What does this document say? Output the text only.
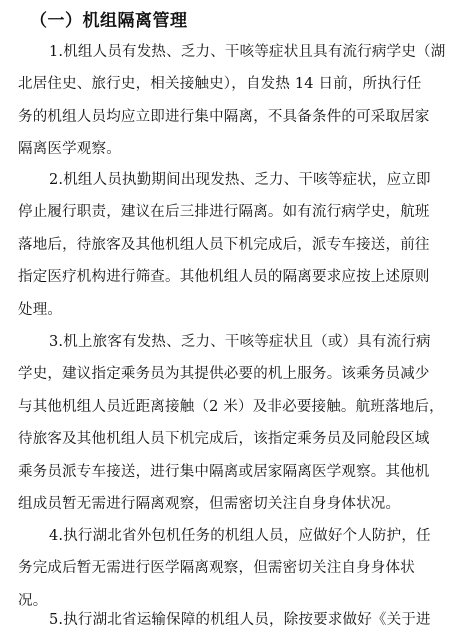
（一）机组隔离管理
1.机组人员有发热、乏力、干咳等症状且具有流行病学史（湖
北居住史、旅行史，相关接触史），自发热 14 日前，所执行任
务的机组人员均应立即进行集中隔离，不具备条件的可采取居家
隔离医学观察。
2.机组人员执勤期间出现发热、乏力、干咳等症状，应立即
停止履行职责，建议在后三排进行隔离。如有流行病学史，航班
落地后，待旅客及其他机组人员下机完成后，派专车接送，前往
指定医疗机构进行筛查。其他机组人员的隔离要求应按上述原则
处理。
3.机上旅客有发热、乏力、干咳等症状且（或）具有流行病
学史，建议指定乘务员为其提供必要的机上服务。该乘务员减少
与其他机组人员近距离接触（2 米）及非必要接触。航班落地后，
待旅客及其他机组人员下机完成后，该指定乘务员及同舱段区域
乘务员派专车接送，进行集中隔离或居家隔离医学观察。其他机
组成员暂无需进行隔离观察，但需密切关注自身身体状况。
4.执行湖北省外包机任务的机组人员，应做好个人防护，任
务完成后暂无需进行医学隔离观察，但需密切关注自身身体状
况。
5.执行湖北省运输保障的机组人员，除按要求做好《关于进
